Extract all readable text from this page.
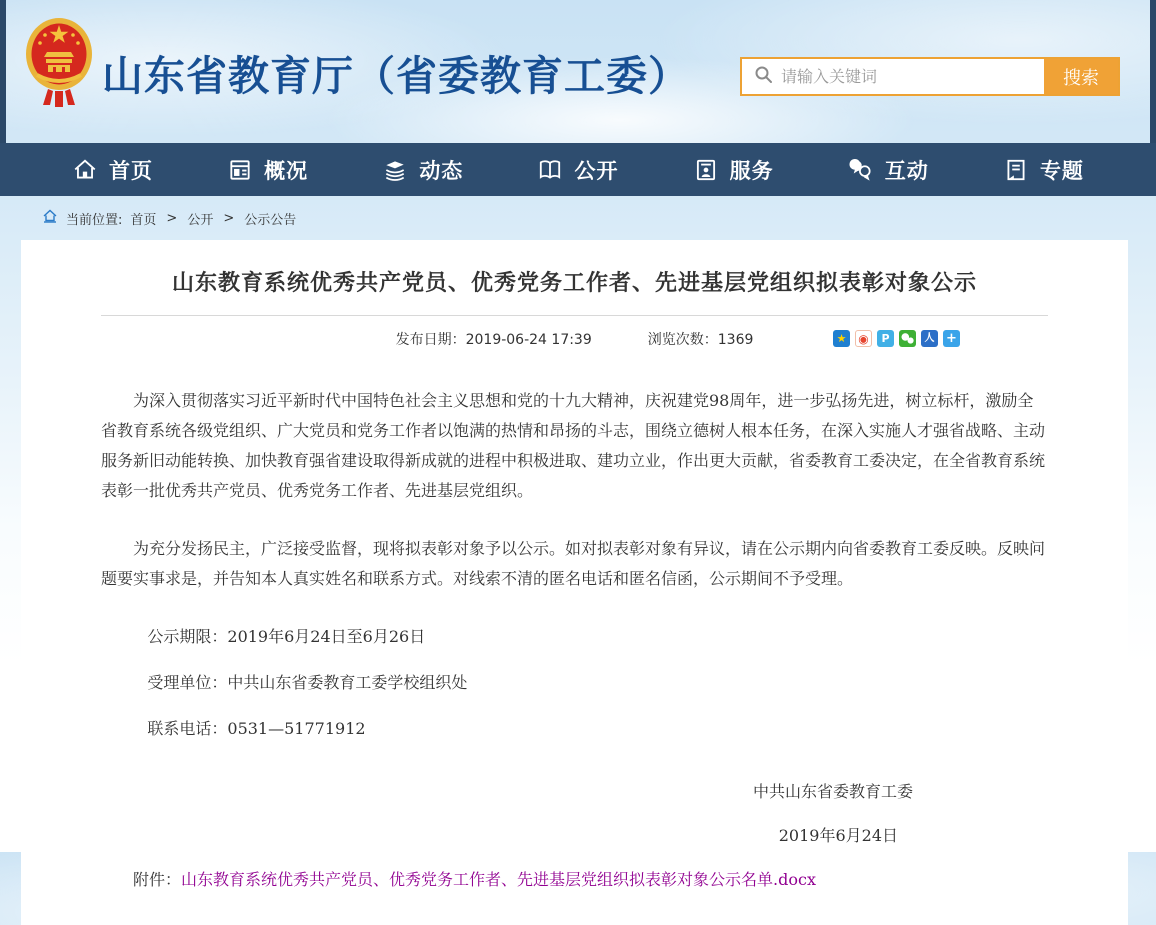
山东省教育厅（省委教育工委）
请输入关键词	搜索
首页	概况	动态	公开	服务	互动	专题
当前位置: 首页 > 公开 > 公示公告
山东教育系统优秀共产党员、优秀党务工作者、先进基层党组织拟表彰对象公示
发布日期：2019-06-24 17:39	浏览次数：1369	★ ◉	P	人 +

为深入贯彻落实习近平新时代中国特色社会主义思想和党的十九大精神，庆祝建党98周年，进一步弘扬先进，树立标杆，激励全省教育系统各级党组织、广大党员和党务工作者以饱满的热情和昂扬的斗志，围绕立德树人根本任务，在深入实施人才强省战略、主动服务新旧动能转换、加快教育强省建设取得新成就的进程中积极进取、建功立业，作出更大贡献，省委教育工委决定，在全省教育系统表彰一批优秀共产党员、优秀党务工作者、先进基层党组织。

为充分发扬民主，广泛接受监督，现将拟表彰对象予以公示。如对拟表彰对象有异议，请在公示期内向省委教育工委反映。反映问题要实事求是，并告知本人真实姓名和联系方式。对线索不清的匿名电话和匿名信函，公示期间不予受理。

公示期限：2019年6月24日至6月26日
受理单位：中共山东省委教育工委学校组织处
联系电话：0531—51771912
中共山东省委教育工委
2019年6月24日
附件：山东教育系统优秀共产党员、优秀党务工作者、先进基层党组织拟表彰对象公示名单.docx
